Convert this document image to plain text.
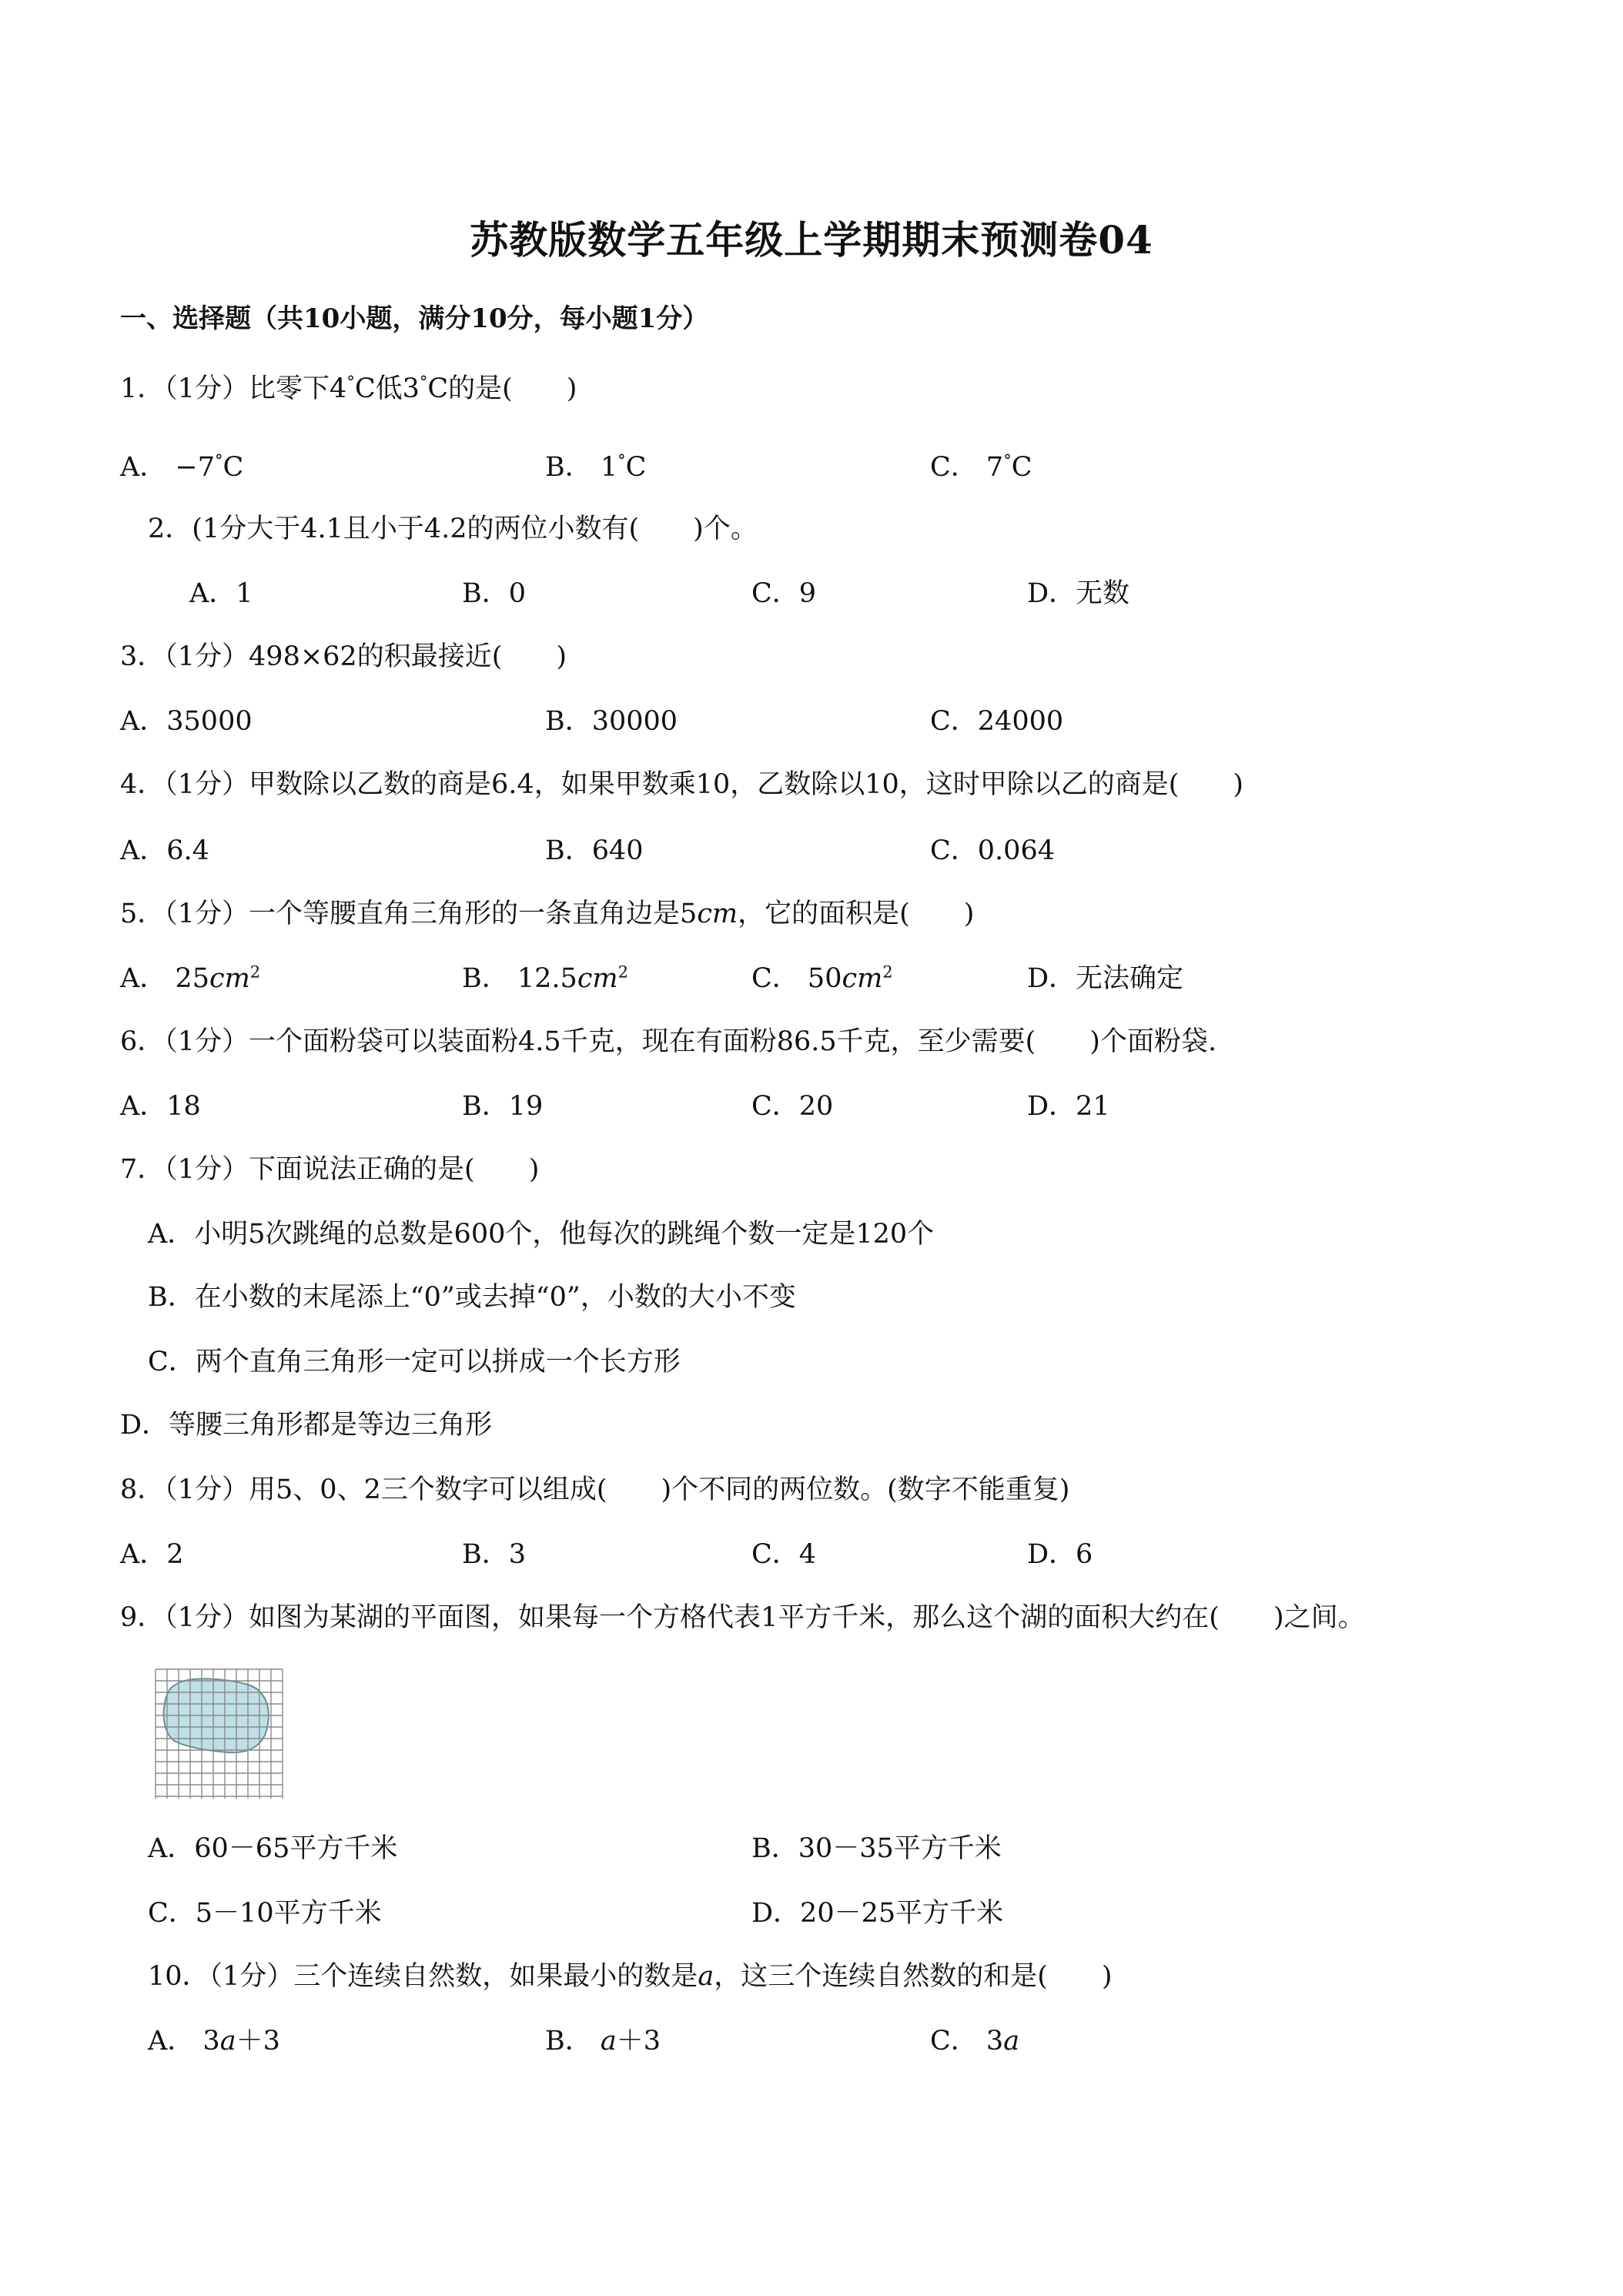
苏教版数学五年级上学期期末预测卷04
一、选择题（共10小题，满分10分，每小题1分）
1．（1分）比零下4°C低3°C的是(　　)
A． −7°C	B． 1°C	C． 7°C
2．(1分大于4.1且小于4.2的两位小数有(　　)个。
A．1	B．0	C．9	D．无数
3．（1分）498×62的积最接近(　　)
A．35000	B．30000	C．24000
4．（1分）甲数除以乙数的商是6.4，如果甲数乘10，乙数除以10，这时甲除以乙的商是(　　)
A．6.4	B．640	C．0.064
5．（1分）一个等腰直角三角形的一条直角边是5cm，它的面积是(　　)
A． $25cm^2$	B． $12.5cm^2$	C． $50cm^2$	D．无法确定
6．（1分）一个面粉袋可以装面粉4.5千克，现在有面粉86.5千克，至少需要(　　)个面粉袋.
A．18	B．19	C．20	D．21
7．（1分）下面说法正确的是(　　)
A．小明5次跳绳的总数是600个，他每次的跳绳个数一定是120个
B．在小数的末尾添上“0”或去掉“0”，小数的大小不变
C．两个直角三角形一定可以拼成一个长方形
D．等腰三角形都是等边三角形
8．（1分）用5、0、2三个数字可以组成(　　)个不同的两位数。(数字不能重复)
A．2	B．3	C．4	D．6
9．（1分）如图为某湖的平面图，如果每一个方格代表1平方千米，那么这个湖的面积大约在(　　)之间。
A．60－65平方千米	B．30－35平方千米
C．5－10平方千米	D．20－25平方千米
10．（1分）三个连续自然数，如果最小的数是a，这三个连续自然数的和是(　　)
A． 3a＋3	B． a＋3	C． 3a
